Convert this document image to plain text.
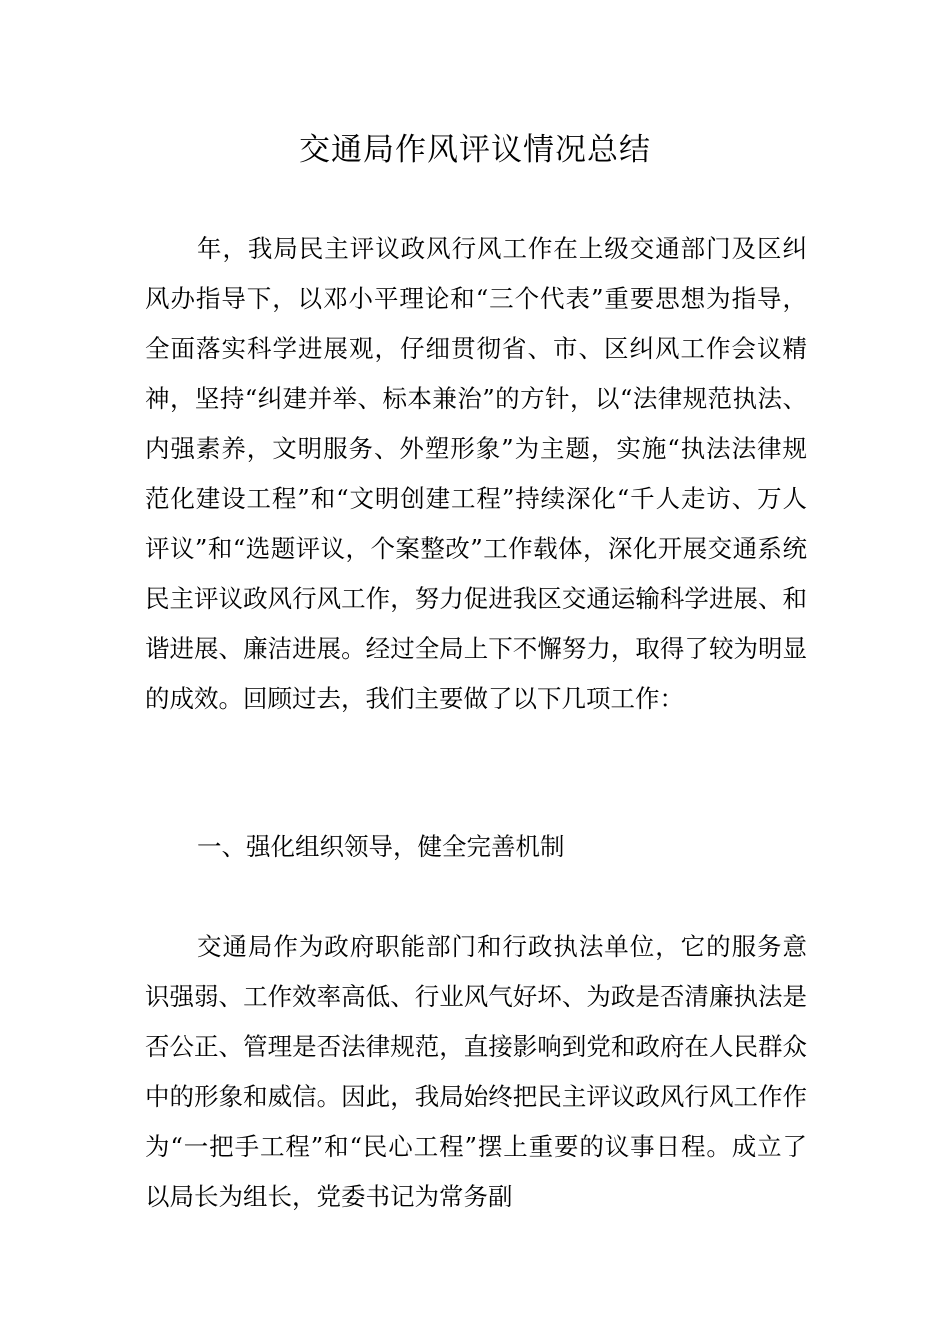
交通局作风评议情况总结

年，我局民主评议政风行风工作在上级交通部门及区纠风办指导下，以邓小平理论和“三个代表”重要思想为指导，全面落实科学进展观，仔细贯彻省、市、区纠风工作会议精神，坚持“纠建并举、标本兼治”的方针，以“法律规范执法、内强素养，文明服务、外塑形象”为主题，实施“执法法律规范化建设工程”和“文明创建工程”持续深化“千人走访、万人评议”和“选题评议，个案整改”工作载体，深化开展交通系统民主评议政风行风工作，努力促进我区交通运输科学进展、和谐进展、廉洁进展。经过全局上下不懈努力，取得了较为明显的成效。回顾过去，我们主要做了以下几项工作：

一、强化组织领导，健全完善机制

交通局作为政府职能部门和行政执法单位，它的服务意识强弱、工作效率高低、行业风气好坏、为政是否清廉执法是否公正、管理是否法律规范，直接影响到党和政府在人民群众中的形象和威信。因此，我局始终把民主评议政风行风工作作为“一把手工程”和“民心工程”摆上重要的议事日程。成立了以局长为组长，党委书记为常务副
